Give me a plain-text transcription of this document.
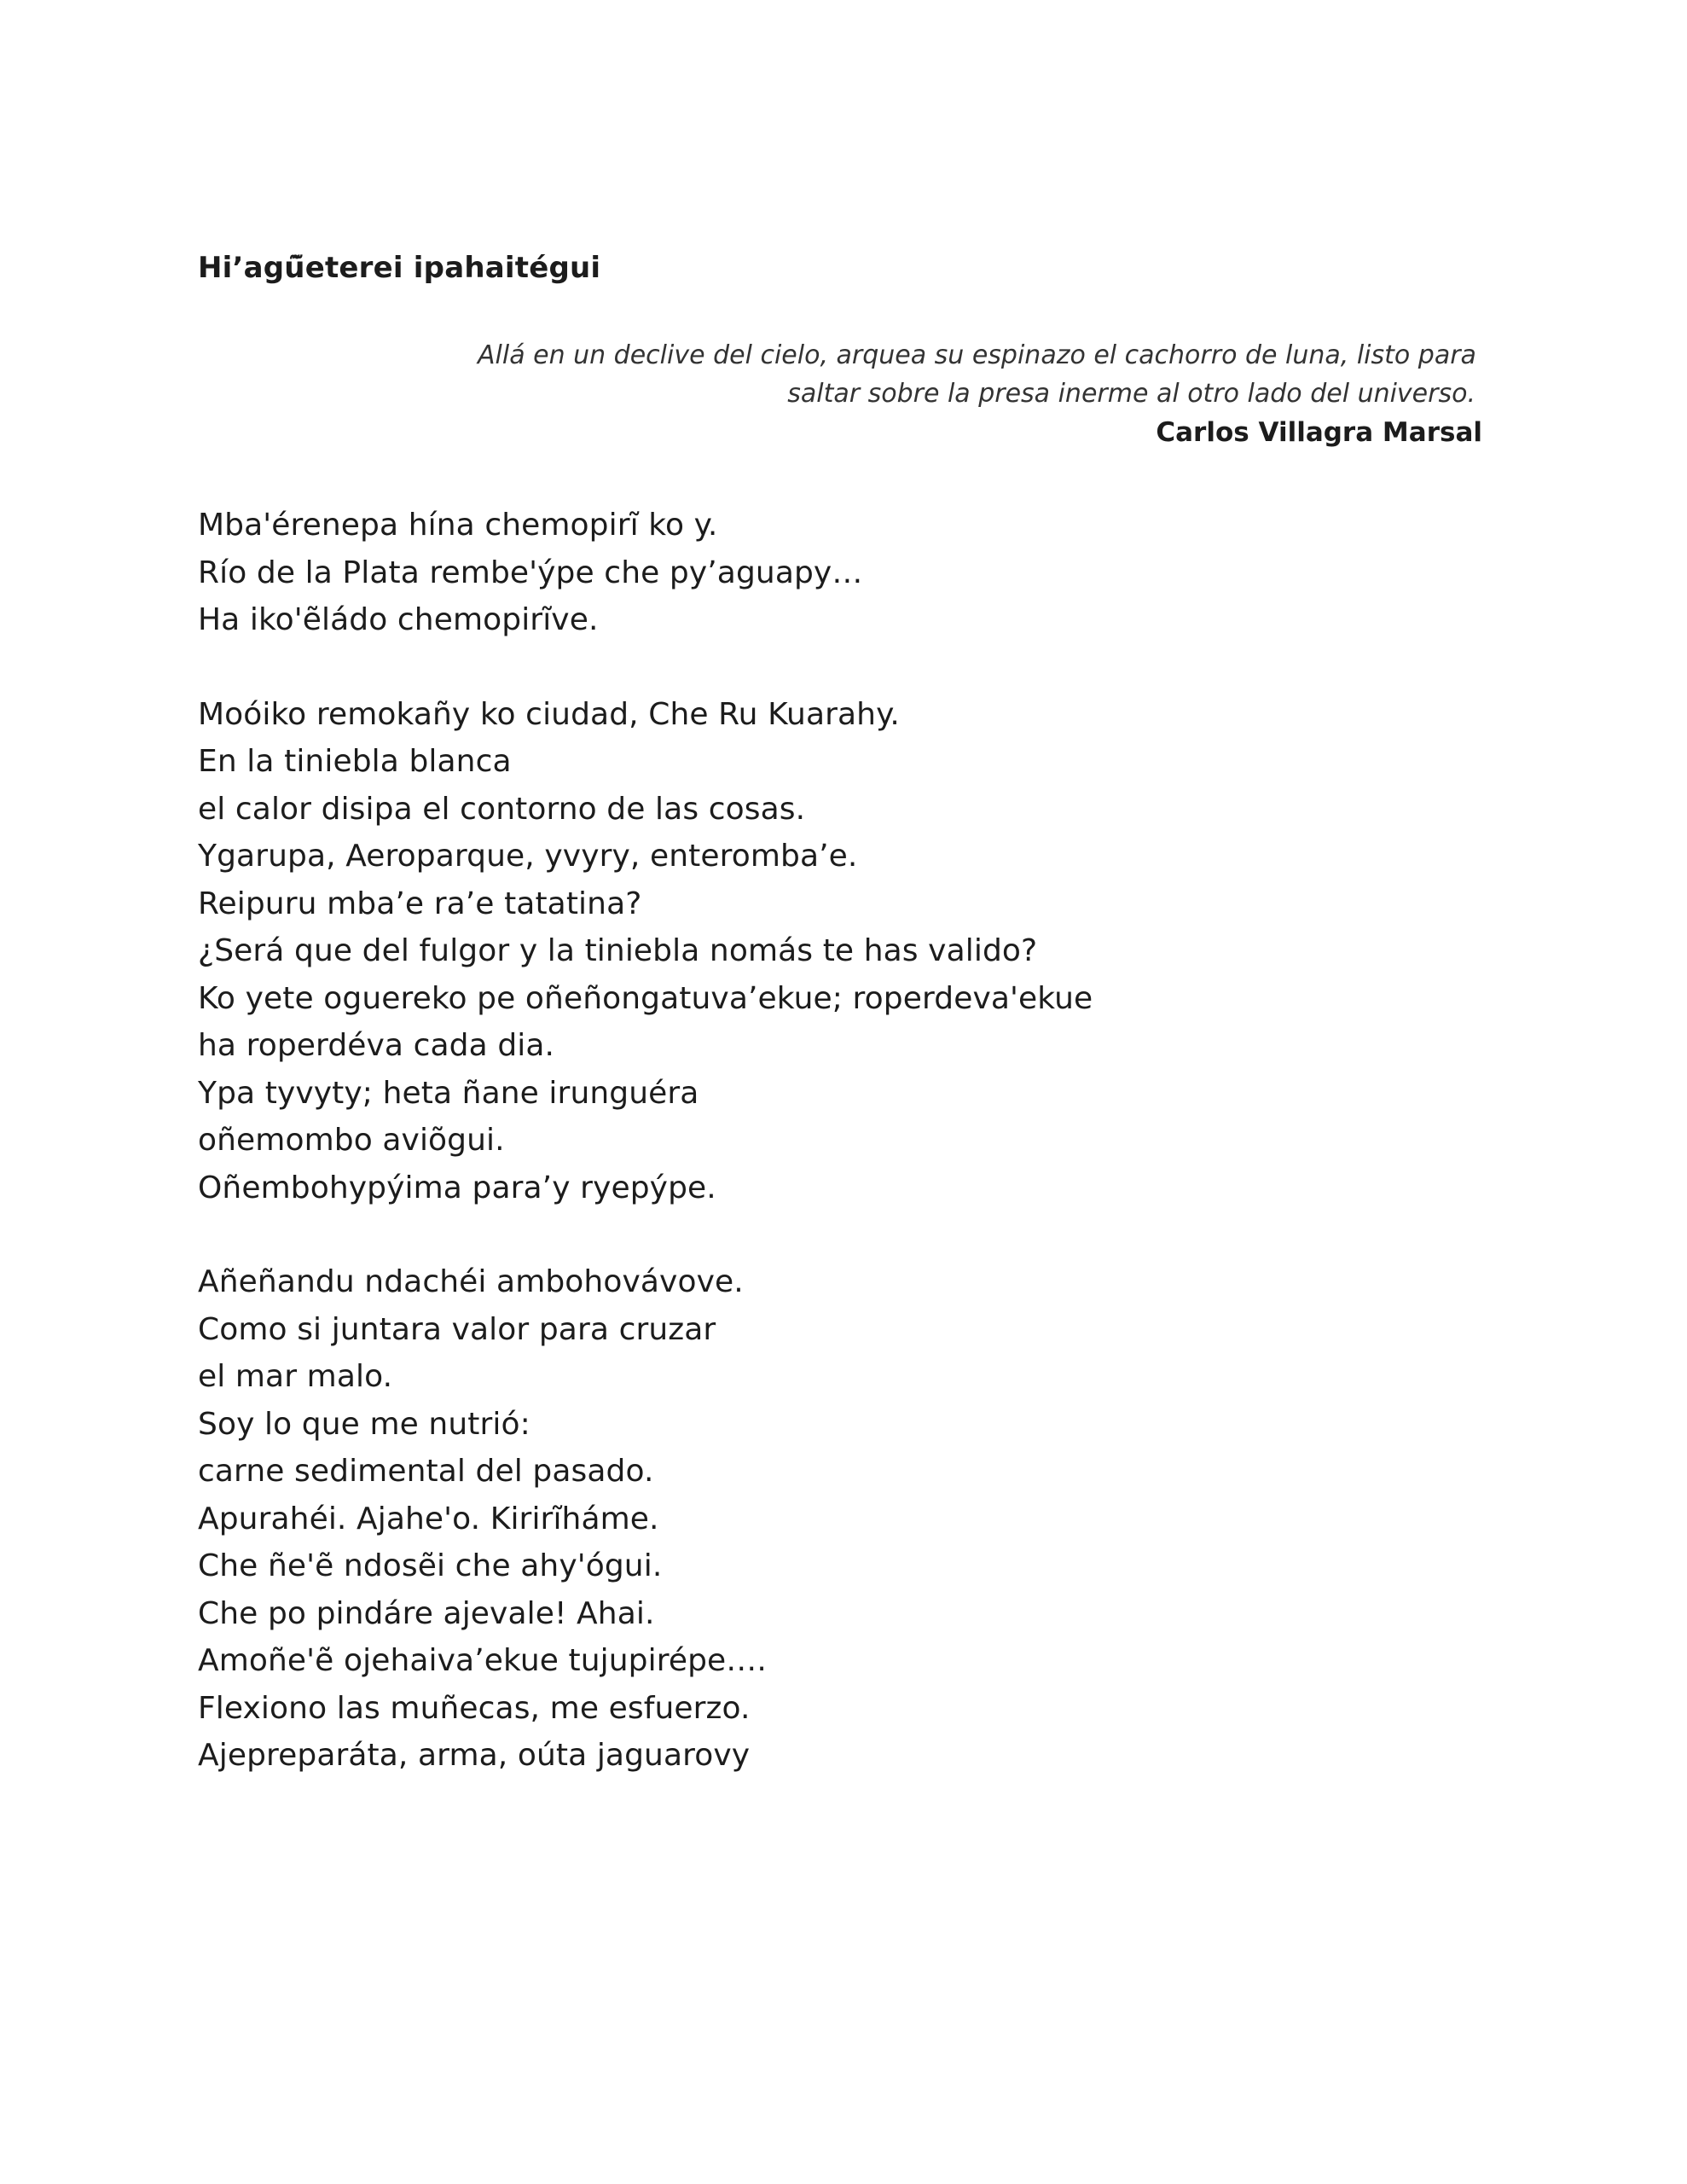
Hi’agũ̃eterei ipahaitégui
Allá en un declive del cielo, arquea su espinazo el cachorro de luna, listo para
saltar sobre la presa inerme al otro lado del universo.
Carlos Villagra Marsal
Mba'érenepa hína chemopirĩ ko y.
Río de la Plata rembe'ýpe che py’aguapy…
Ha iko'ẽládo chemopirĩve.
Moóiko remokañy ko ciudad, Che Ru Kuarahy.
En la tiniebla blanca
el calor disipa el contorno de las cosas.
Ygarupa, Aeroparque, yvyry, enteromba’e.
Reipuru mba’e ra’e tatatina?
¿Será que del fulgor y la tiniebla nomás te has valido?
Ko yete oguereko pe oñeñongatuva’ekue; roperdeva'ekue
ha roperdéva cada dia.
Ypa tyvyty; heta ñane irunguéra
oñemombo aviõgui.
Oñembohypýima para’y ryepýpe.
Añeñandu ndachéi ambohovávove.
Como si juntara valor para cruzar
el mar malo.
Soy lo que me nutrió:
carne sedimental del pasado.
Apurahéi. Ajahe'o. Kirirĩháme.
Che ñe'ẽ ndosẽi che ahy'ógui.
Che po pindáre ajevale! Ahai.
Amoñe'ẽ ojehaiva’ekue tujupirépe….
Flexiono las muñecas, me esfuerzo.
Ajepreparáta, arma, oúta jaguarovy
